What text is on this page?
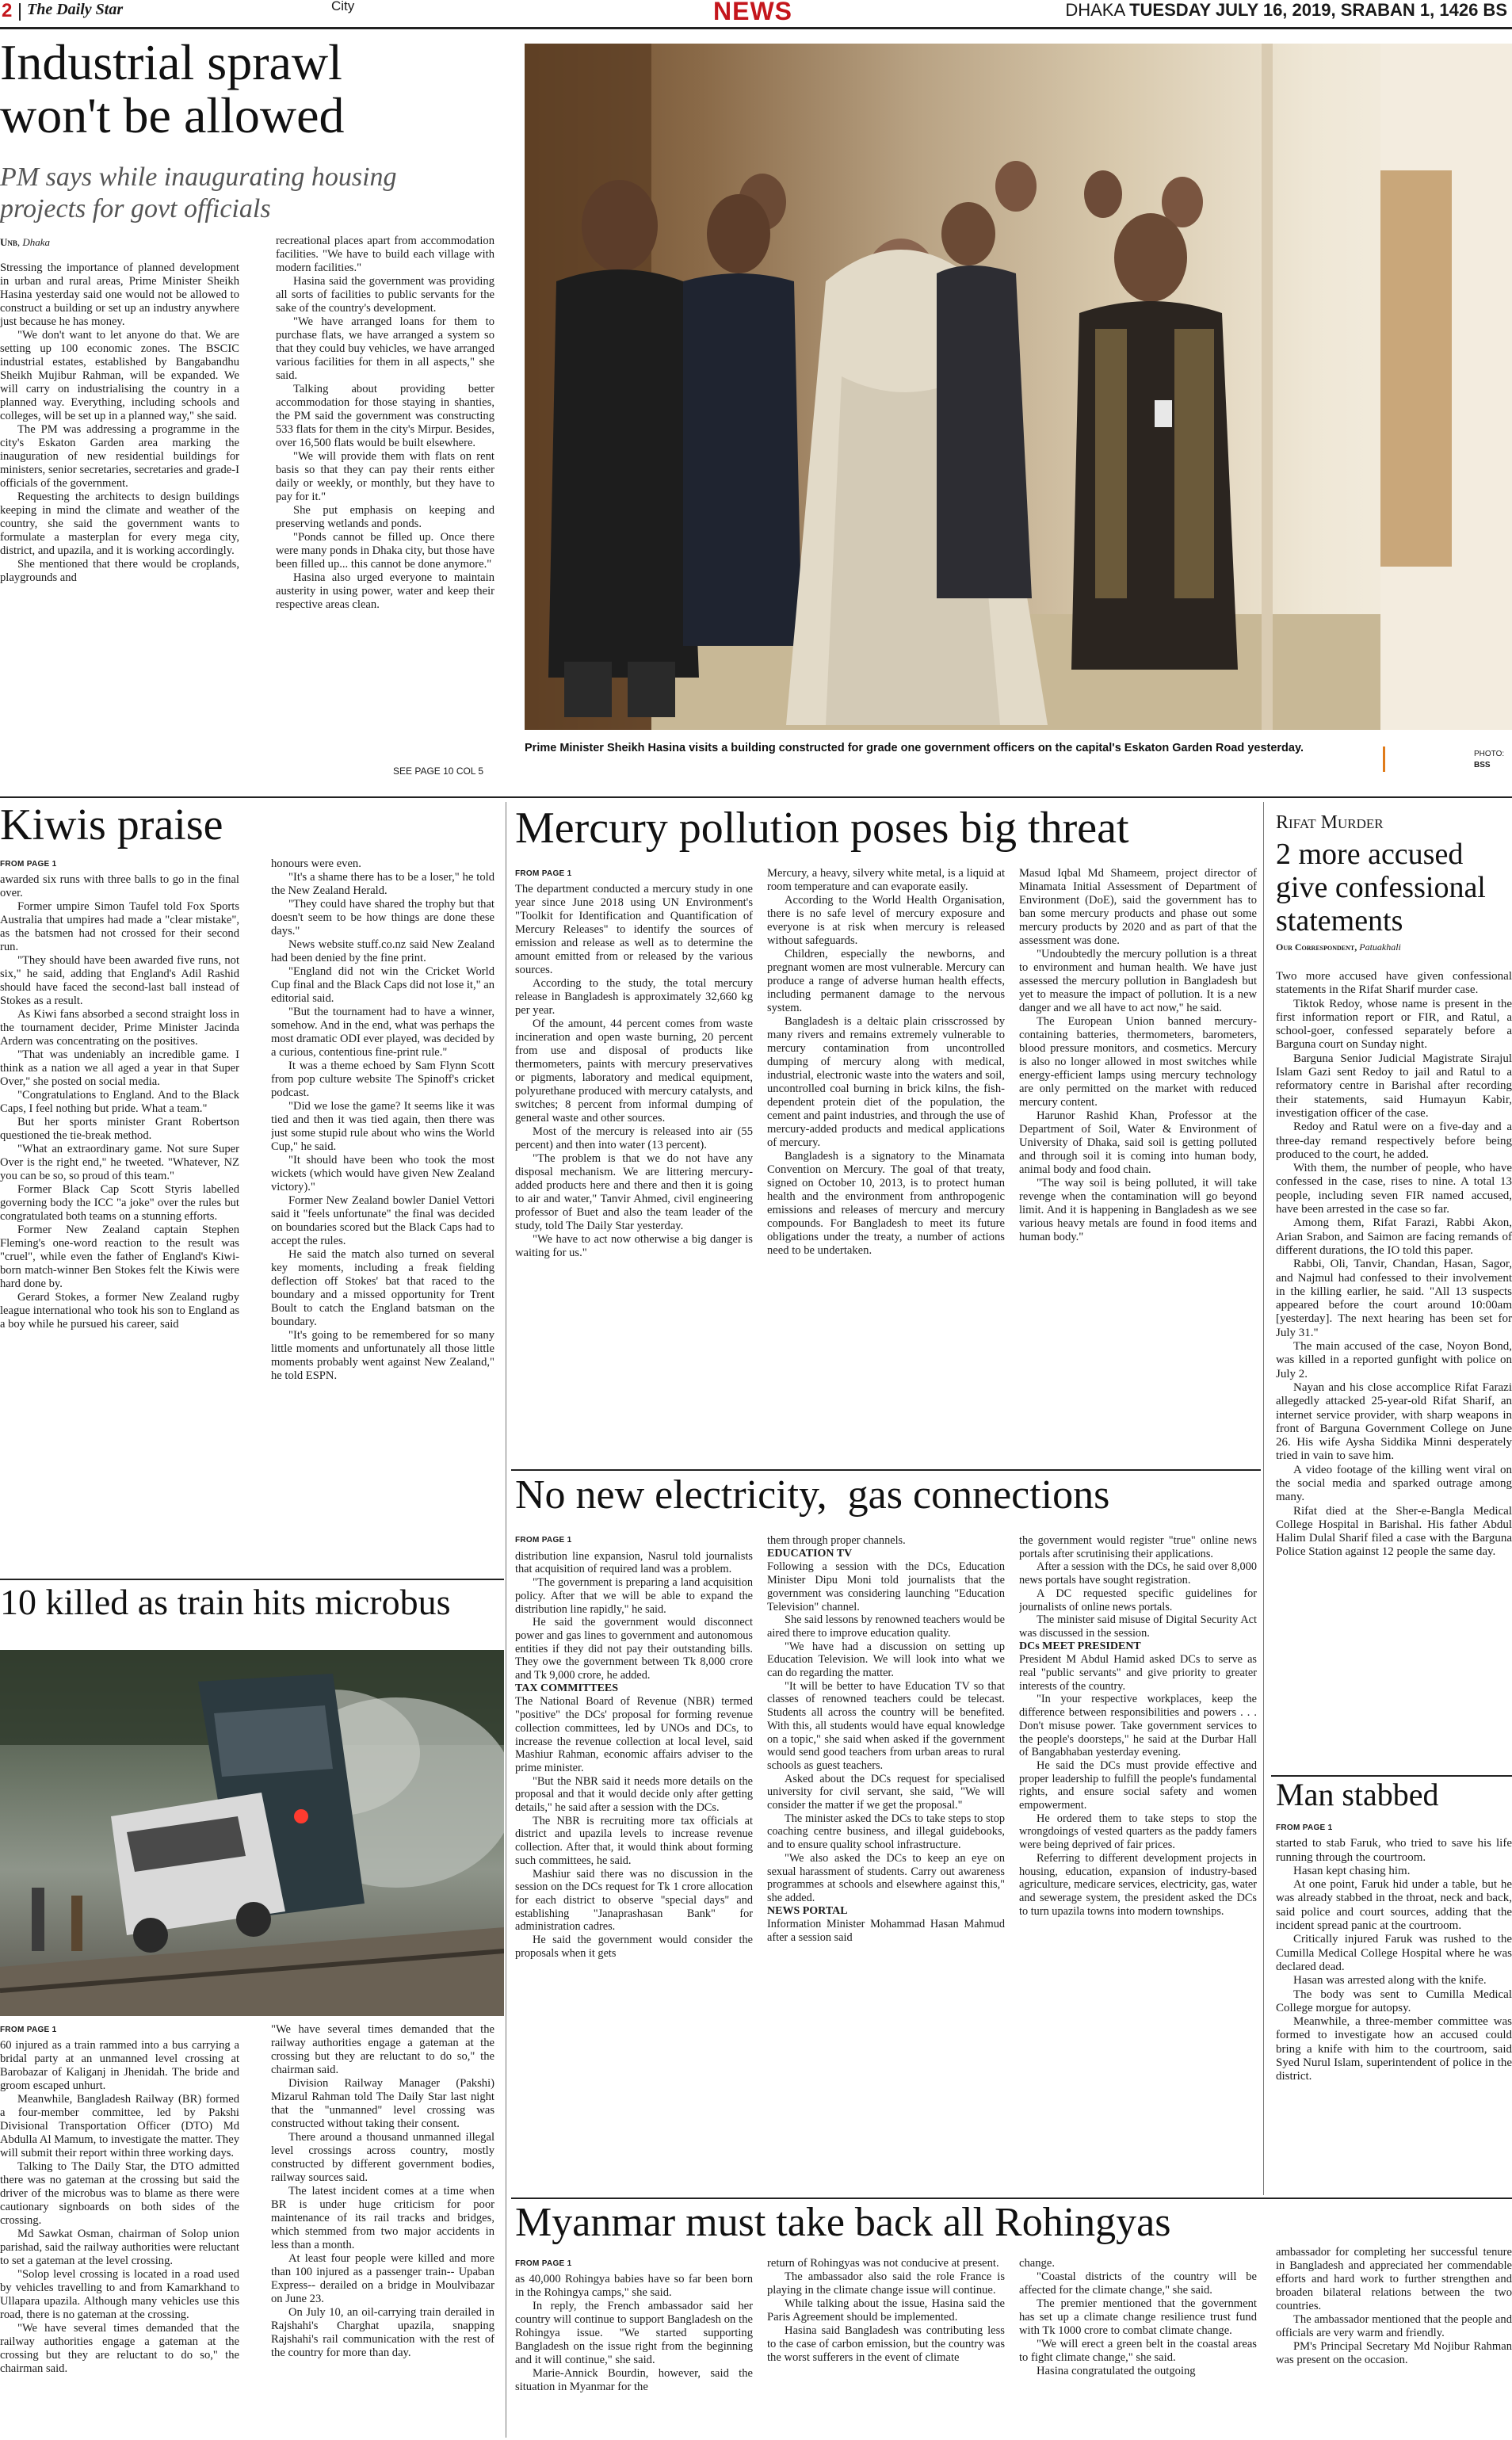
2 The Daily Star	City	NEWS	DHAKA TUESDAY JULY 16, 2019, SRABAN 1, 1426 BS
Industrial sprawl
won't be allowed
PM says while inaugurating housing
projects for govt officials
Unb, Dhaka

Stressing the importance of planned development in urban and rural areas, Prime Minister Sheikh Hasina yesterday said one would not be allowed to construct a building or set up an industry anywhere just because he has money.

"We don't want to let anyone do that. We are setting up 100 economic zones. The BSCIC industrial estates, established by Bangabandhu Sheikh Mujibur Rahman, will be expanded. We will carry on industrialising the country in a planned way. Everything, including schools and colleges, will be set up in a planned way," she said.

The PM was addressing a programme in the city's Eskaton Garden area marking the inauguration of new residential buildings for ministers, senior secretaries, secretaries and grade-I officials of the government.

Requesting the architects to design buildings keeping in mind the climate and weather of the country, she said the government wants to formulate a masterplan for every mega city, district, and upazila, and it is working accordingly.

She mentioned that there would be croplands, playgrounds and

recreational places apart from accommodation facilities. "We have to build each village with modern facilities."

Hasina said the government was providing all sorts of facilities to public servants for the sake of the country's development.

"We have arranged loans for them to purchase flats, we have arranged a system so that they could buy vehicles, we have arranged various facilities for them in all aspects," she said.

Talking about providing better accommodation for those staying in shanties, the PM said the government was constructing 533 flats for them in the city's Mirpur. Besides, over 16,500 flats would be built elsewhere.

"We will provide them with flats on rent basis so that they can pay their rents either daily or weekly, or monthly, but they have to pay for it."

She put emphasis on keeping and preserving wetlands and ponds.

"Ponds cannot be filled up. Once there were many ponds in Dhaka city, but those have been filled up... this cannot be done anymore."

Hasina also urged everyone to maintain austerity in using power, water and keep their respective areas clean.

SEE PAGE 10 COL 5
Prime Minister Sheikh Hasina visits a building constructed for grade one government officers on the capital's Eskaton Garden Road yesterday.	PHOTO:
BSS
Kiwis praise
FROM PAGE 1

awarded six runs with three balls to go in the final over.

Former umpire Simon Taufel told Fox Sports Australia that umpires had made a "clear mistake", as the batsmen had not crossed for their second run.

"They should have been awarded five runs, not six," he said, adding that England's Adil Rashid should have faced the second-last ball instead of Stokes as a result.

As Kiwi fans absorbed a second straight loss in the tournament decider, Prime Minister Jacinda Ardern was concentrating on the positives.

"That was undeniably an incredible game. I think as a nation we all aged a year in that Super Over," she posted on social media.

"Congratulations to England. And to the Black Caps, I feel nothing but pride. What a team."

But her sports minister Grant Robertson questioned the tie-break method.

"What an extraordinary game. Not sure Super Over is the right end," he tweeted. "Whatever, NZ you can be so, so proud of this team."

Former Black Cap Scott Styris labelled governing body the ICC "a joke" over the rules but congratulated both teams on a stunning efforts.

Former New Zealand captain Stephen Fleming's one-word reaction to the result was "cruel", while even the father of England's Kiwi-born match-winner Ben Stokes felt the Kiwis were hard done by.

Gerard Stokes, a former New Zealand rugby league international who took his son to England as a boy while he pursued his career, said

honours were even.

"It's a shame there has to be a loser," he told the New Zealand Herald.

"They could have shared the trophy but that doesn't seem to be how things are done these days."

News website stuff.co.nz said New Zealand had been denied by the fine print.

"England did not win the Cricket World Cup final and the Black Caps did not lose it," an editorial said.

"But the tournament had to have a winner, somehow. And in the end, what was perhaps the most dramatic ODI ever played, was decided by a curious, contentious fine-print rule."

It was a theme echoed by Sam Flynn Scott from pop culture website The Spinoff's cricket podcast.

"Did we lose the game? It seems like it was tied and then it was tied again, then there was just some stupid rule about who wins the World Cup," he said.

"It should have been who took the most wickets (which would have given New Zealand victory)."

Former New Zealand bowler Daniel Vettori said it "feels unfortunate" the final was decided on boundaries scored but the Black Caps had to accept the rules.

He said the match also turned on several key moments, including a freak fielding deflection off Stokes' bat that raced to the boundary and a missed opportunity for Trent Boult to catch the England batsman on the boundary.

"It's going to be remembered for so many little moments and unfortunately all those little moments probably went against New Zealand," he told ESPN.

10 killed as train hits microbus
FROM PAGE 1

60 injured as a train rammed into a bus carrying a bridal party at an unmanned level crossing at Barobazar of Kaliganj in Jhenidah. The bride and groom escaped unhurt.

Meanwhile, Bangladesh Railway (BR) formed a four-member committee, led by Pakshi Divisional Transportation Officer (DTO) Md Abdulla Al Mamum, to investigate the matter. They will submit their report within three working days.

Talking to The Daily Star, the DTO admitted there was no gateman at the crossing but said the driver of the microbus was to blame as there were cautionary signboards on both sides of the crossing.

Md Sawkat Osman, chairman of Solop union parishad, said the railway authorities were reluctant to set a gateman at the level crossing.

"Solop level crossing is located in a road used by vehicles travelling to and from Kamarkhand to Ullapara upazila. Although many vehicles use this road, there is no gateman at the crossing.

"We have several times demanded that the railway authorities engage a gateman at the crossing but they are reluctant to do so," the chairman said.

"We have several times demanded that the railway authorities engage a gateman at the crossing but they are reluctant to do so," the chairman said.

Division Railway Manager (Pakshi) Mizarul Rahman told The Daily Star last night that the "unmanned" level crossing was constructed without taking their consent.

There around a thousand unmanned illegal level crossings across country, mostly constructed by different government bodies, railway sources said.

The latest incident comes at a time when BR is under huge criticism for poor maintenance of its rail tracks and bridges, which stemmed from two major accidents in less than a month.

At least four people were killed and more than 100 injured as a passenger train-- Upaban Express-- derailed on a bridge in Moulvibazar on June 23.

On July 10, an oil-carrying train derailed in Rajshahi's Charghat upazila, snapping Rajshahi's rail communication with the rest of the country for more than day.

Mercury pollution poses big threat
FROM PAGE 1

The department conducted a mercury study in one year since June 2018 using UN Environment's "Toolkit for Identification and Quantification of Mercury Releases" to identify the sources of emission and release as well as to determine the amount emitted from or released by the various sources.

According to the study, the total mercury release in Bangladesh is approximately 32,660 kg per year.

Of the amount, 44 percent comes from waste incineration and open waste burning, 20 percent from use and disposal of products like thermometers, paints with mercury preservatives or pigments, laboratory and medical equipment, polyurethane produced with mercury catalysts, and switches; 8 percent from informal dumping of general waste and other sources.

Most of the mercury is released into air (55 percent) and then into water (13 percent).

"The problem is that we do not have any disposal mechanism. We are littering mercury-added products here and there and then it is going to air and water," Tanvir Ahmed, civil engineering professor of Buet and also the team leader of the study, told The Daily Star yesterday.

"We have to act now otherwise a big danger is waiting for us."

Mercury, a heavy, silvery white metal, is a liquid at room temperature and can evaporate easily.

According to the World Health Organisation, there is no safe level of mercury exposure and everyone is at risk when mercury is released without safeguards.

Children, especially the newborns, and pregnant women are most vulnerable. Mercury can produce a range of adverse human health effects, including permanent damage to the nervous system.

Bangladesh is a deltaic plain crisscrossed by many rivers and remains extremely vulnerable to mercury contamination from uncontrolled dumping of mercury along with medical, industrial, electronic waste into the waters and soil, uncontrolled coal burning in brick kilns, the fish-dependent protein diet of the population, the cement and paint industries, and through the use of mercury-added products and medical applications of mercury.

Bangladesh is a signatory to the Minamata Convention on Mercury. The goal of that treaty, signed on October 10, 2013, is to protect human health and the environment from anthropogenic emissions and releases of mercury and mercury compounds. For Bangladesh to meet its future obligations under the treaty, a number of actions need to be undertaken.

Masud Iqbal Md Shameem, project director of Minamata Initial Assessment of Department of Environment (DoE), said the government has to ban some mercury products and phase out some mercury products by 2020 and as part of that the assessment was done.

"Undoubtedly the mercury pollution is a threat to environment and human health. We have just assessed the mercury pollution in Bangladesh but yet to measure the impact of pollution. It is a new danger and we all have to act now," he said.

The European Union banned mercury-containing batteries, thermometers, barometers, blood pressure monitors, and cosmetics. Mercury is also no longer allowed in most switches while energy-efficient lamps using mercury technology are only permitted on the market with reduced mercury content.

Harunor Rashid Khan, Professor at the Department of Soil, Water & Environment of University of Dhaka, said soil is getting polluted and through soil it is coming into human body, animal body and food chain.

"The way soil is being polluted, it will take revenge when the contamination will go beyond limit. And it is happening in Bangladesh as we see various heavy metals are found in food items and human body."

No new electricity,  gas connections
FROM PAGE 1

distribution line expansion, Nasrul told journalists that acquisition of required land was a problem.

"The government is preparing a land acquisition policy. After that we will be able to expand the distribution line rapidly," he said.

He said the government would disconnect power and gas lines to government and autonomous entities if they did not pay their outstanding bills. They owe the government between Tk 8,000 crore and Tk 9,000 crore, he added.

TAX COMMITTEES

The National Board of Revenue (NBR) termed "positive" the DCs' proposal for forming revenue collection committees, led by UNOs and DCs, to increase the revenue collection at local level, said Mashiur Rahman, economic affairs adviser to the prime minister.

"But the NBR said it needs more details on the proposal and that it would decide only after getting details," he said after a session with the DCs.

The NBR is recruiting more tax officials at district and upazila levels to increase revenue collection. After that, it would think about forming such committees, he said.

Mashiur said there was no discussion in the session on the DCs request for Tk 1 crore allocation for each district to observe "special days" and establishing "Janaprashasan Bank" for administration cadres.

He said the government would consider the proposals when it gets

them through proper channels.

EDUCATION TV

Following a session with the DCs, Education Minister Dipu Moni told journalists that the government was considering launching "Education Television" channel.

She said lessons by renowned teachers would be aired there to improve education quality.

"We have had a discussion on setting up Education Television. We will look into what we can do regarding the matter.

"It will be better to have Education TV so that classes of renowned teachers could be telecast. Students all across the country will be benefited. With this, all students would have equal knowledge on a topic," she said when asked if the government would send good teachers from urban areas to rural schools as guest teachers.

Asked about the DCs request for specialised university for civil servant, she said, "We will consider the matter if we get the proposal."

The minister asked the DCs to take steps to stop coaching centre business, and illegal guidebooks, and to ensure quality school infrastructure.

"We also asked the DCs to keep an eye on sexual harassment of students. Carry out awareness programmes at schools and elsewhere against this," she added.

NEWS PORTAL

Information Minister Mohammad Hasan Mahmud after a session said

the government would register "true" online news portals after scrutinising their applications.

After a session with the DCs, he said over 8,000 news portals have sought registration.

A DC requested specific guidelines for journalists of online news portals.

The minister said misuse of Digital Security Act was discussed in the session.

DCs MEET PRESIDENT

President M Abdul Hamid asked DCs to serve as real "public servants" and give priority to greater interests of the country.

"In your respective workplaces, keep the difference between responsibilities and powers . . . Don't misuse power. Take government services to the people's doorsteps," he said at the Durbar Hall of Bangabhaban yesterday evening.

He said the DCs must provide effective and proper leadership to fulfill the people's fundamental rights, and ensure social safety and women empowerment.

He ordered them to take steps to stop the wrongdoings of vested quarters as the paddy famers were being deprived of fair prices.

Referring to different development projects in housing, education, expansion of industry-based agriculture, medicare services, electricity, gas, water and sewerage system, the president asked the DCs to turn upazila towns into modern townships.

Rifat Murder
2 more accused
give confessional
statements
Our Correspondent, Patuakhali

Two more accused have given confessional statements in the Rifat Sharif murder case.

Tiktok Redoy, whose name is present in the first information report or FIR, and Ratul, a school-goer, confessed separately before a Barguna court on Sunday night.

Barguna Senior Judicial Magistrate Sirajul Islam Gazi sent Redoy to jail and Ratul to a reformatory centre in Barishal after recording their statements, said Humayun Kabir, investigation officer of the case.

Redoy and Ratul were on a five-day and a three-day remand respectively before being produced to the court, he added.

With them, the number of people, who have confessed in the case, rises to nine. A total 13 people, including seven FIR named accused, have been arrested in the case so far.

Among them, Rifat Farazi, Rabbi Akon, Arian Srabon, and Saimon are facing remands of different durations, the IO told this paper.

Rabbi, Oli, Tanvir, Chandan, Hasan, Sagor, and Najmul had confessed to their involvement in the killing earlier, he said. "All 13 suspects appeared before the court around 10:00am [yesterday]. The next hearing has been set for July 31."

The main accused of the case, Noyon Bond, was killed in a reported gunfight with police on July 2.

Nayan and his close accomplice Rifat Farazi allegedly attacked 25-year-old Rifat Sharif, an internet service provider, with sharp weapons in front of Barguna Government College on June 26. His wife Aysha Siddika Minni desperately tried in vain to save him.

A video footage of the killing went viral on the social media and sparked outrage among many.

Rifat died at the Sher-e-Bangla Medical College Hospital in Barishal. His father Abdul Halim Dulal Sharif filed a case with the Barguna Police Station against 12 people the same day.

Man stabbed
FROM PAGE 1

started to stab Faruk, who tried to save his life running through the courtroom.

Hasan kept chasing him.

At one point, Faruk hid under a table, but he was already stabbed in the throat, neck and back, said police and court sources, adding that the incident spread panic at the courtroom.

Critically injured Faruk was rushed to the Cumilla Medical College Hospital where he was declared dead.

Hasan was arrested along with the knife.

The body was sent to Cumilla Medical College morgue for autopsy.

Meanwhile, a three-member committee was formed to investigate how an accused could bring a knife with him to the courtroom, said Syed Nurul Islam, superintendent of police in the district.

Myanmar must take back all Rohingyas
FROM PAGE 1

as 40,000 Rohingya babies have so far been born in the Rohingya camps," she said.

In reply, the French ambassador said her country will continue to support Bangladesh on the Rohingya issue. "We started supporting Bangladesh on the issue right from the beginning and it will continue," she said.

Marie-Annick Bourdin, however, said the situation in Myanmar for the

return of Rohingyas was not conducive at present.

The ambassador also said the role France is playing in the climate change issue will continue.

While talking about the issue, Hasina said the Paris Agreement should be implemented.

Hasina said Bangladesh was contributing less to the case of carbon emission, but the country was the worst sufferers in the event of climate

change.

"Coastal districts of the country will be affected for the climate change," she said.

The premier mentioned that the government has set up a climate change resilience trust fund with Tk 1000 crore to combat climate change.

"We will erect a green belt in the coastal areas to fight climate change," she said.

Hasina congratulated the outgoing

ambassador for completing her successful tenure in Bangladesh and appreciated her commendable efforts and hard work to further strengthen and broaden bilateral relations between the two countries.

The ambassador mentioned that the people and officials are very warm and friendly.

PM's Principal Secretary Md Nojibur Rahman was present on the occasion.
